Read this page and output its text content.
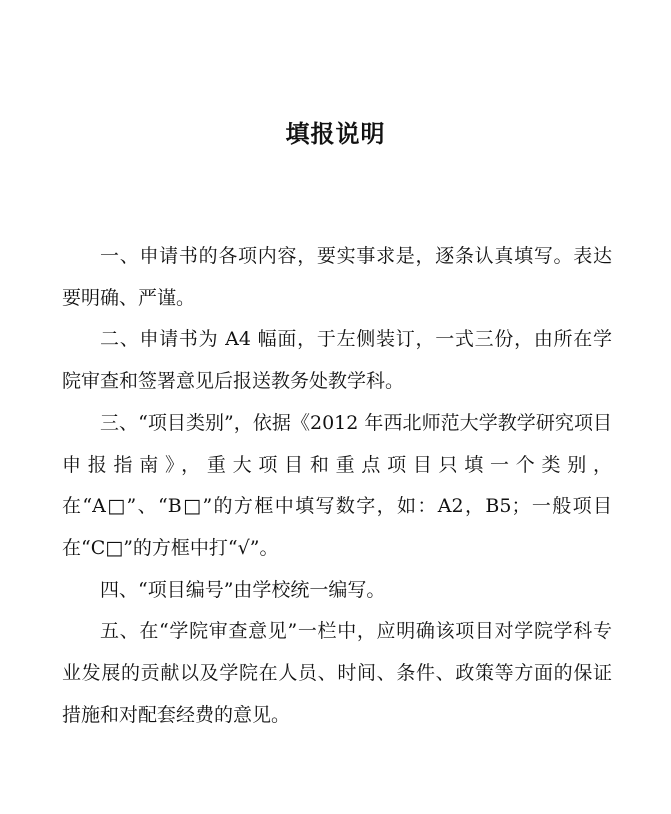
填报说明

一、申请书的各项内容，要实事求是，逐条认真填写。表达要明确、严谨。

二、申请书为 A4 幅面，于左侧装订，一式三份，由所在学院审查和签署意见后报送教务处教学科。

三、“项目类别”，依据《2012 年西北师范大学教学研究项目申报指南》，重大项目和重点项目只填一个类别，在“A□”、“B□”的方框中填写数字，如：A2，B5；一般项目在“C□”的方框中打“√”。

四、“项目编号”由学校统一编写。

五、在“学院审查意见”一栏中，应明确该项目对学院学科专业发展的贡献以及学院在人员、时间、条件、政策等方面的保证措施和对配套经费的意见。
